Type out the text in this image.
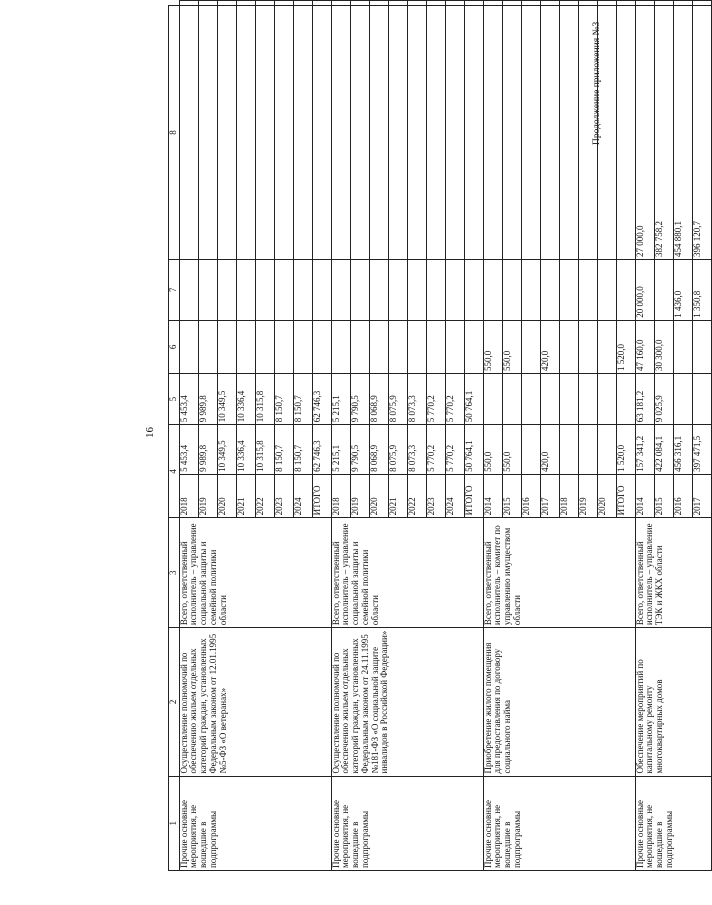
16
Продолжение приложения №3
1	2	3	4		5	6	7	8	
Прочие основные мероприятия, не вошедшие в подпрограммы	Осуществление полномочий по обеспечению жильем отдельных категорий граждан, установленных Федеральным законом от 12.01.1995 №5-ФЗ «О ветеранах»	Всего, ответственный исполнитель – управление социальной защиты и семейной политики области	2018	5 453,4	5 453,4				
			2019	9 989,8	9 989,8				
			2020	10 349,5	10 349,5				
			2021	10 336,4	10 336,4				
			2022	10 315,8	10 315,8				
			2023	8 150,7	8 150,7				
			2024	8 150,7	8 150,7				
			ИТОГО	62 746,3	62 746,3				
Прочие основные мероприятия, не вошедшие в подпрограммы	Осуществление полномочий по обеспечению жильем отдельных категорий граждан, установленных Федеральным законом от 24.11.1995 №181-ФЗ «О социальной защите инвалидов в Российской Федерации»	Всего, ответственный исполнитель – управление социальной защиты и семейной политики области	2018	5 215,1	5 215,1				
			2019	9 790,5	9 790,5				
			2020	8 068,9	8 068,9				
			2021	8 075,9	8 075,9				
			2022	8 073,3	8 073,3				
			2023	5 770,2	5 770,2				
			2024	5 770,2	5 770,2				
			ИТОГО	50 764,1	50 764,1				
Прочие основные мероприятия, не вошедшие в подпрограммы	Приобретение жилого помещения для предоставления по договору социального найма	Всего, ответственный исполнитель – комитет по управлению имуществом области	2014	550,0		550,0			
			2015	550,0		550,0			
			2016						
			2017	420,0		420,0			
			2018						
			2019						
			2020						
			ИТОГО	1 520,0		1 520,0			
Прочие основные мероприятия, не вошедшие в подпрограммы	Обеспечение мероприятий по капитальному ремонту многоквартирных домов	Всего, ответственный исполнитель – управление ТЭК и ЖКХ области	2014	157 341,2	63 181,2	47 160,0	20 000,0	27 000,0	
			2015	422 084,1	9 025,9	30 300,0		382 758,2	
			2016	456 316,1			1 436,0	454 880,1	
			2017	397 471,5			1 350,8	396 120,7	
